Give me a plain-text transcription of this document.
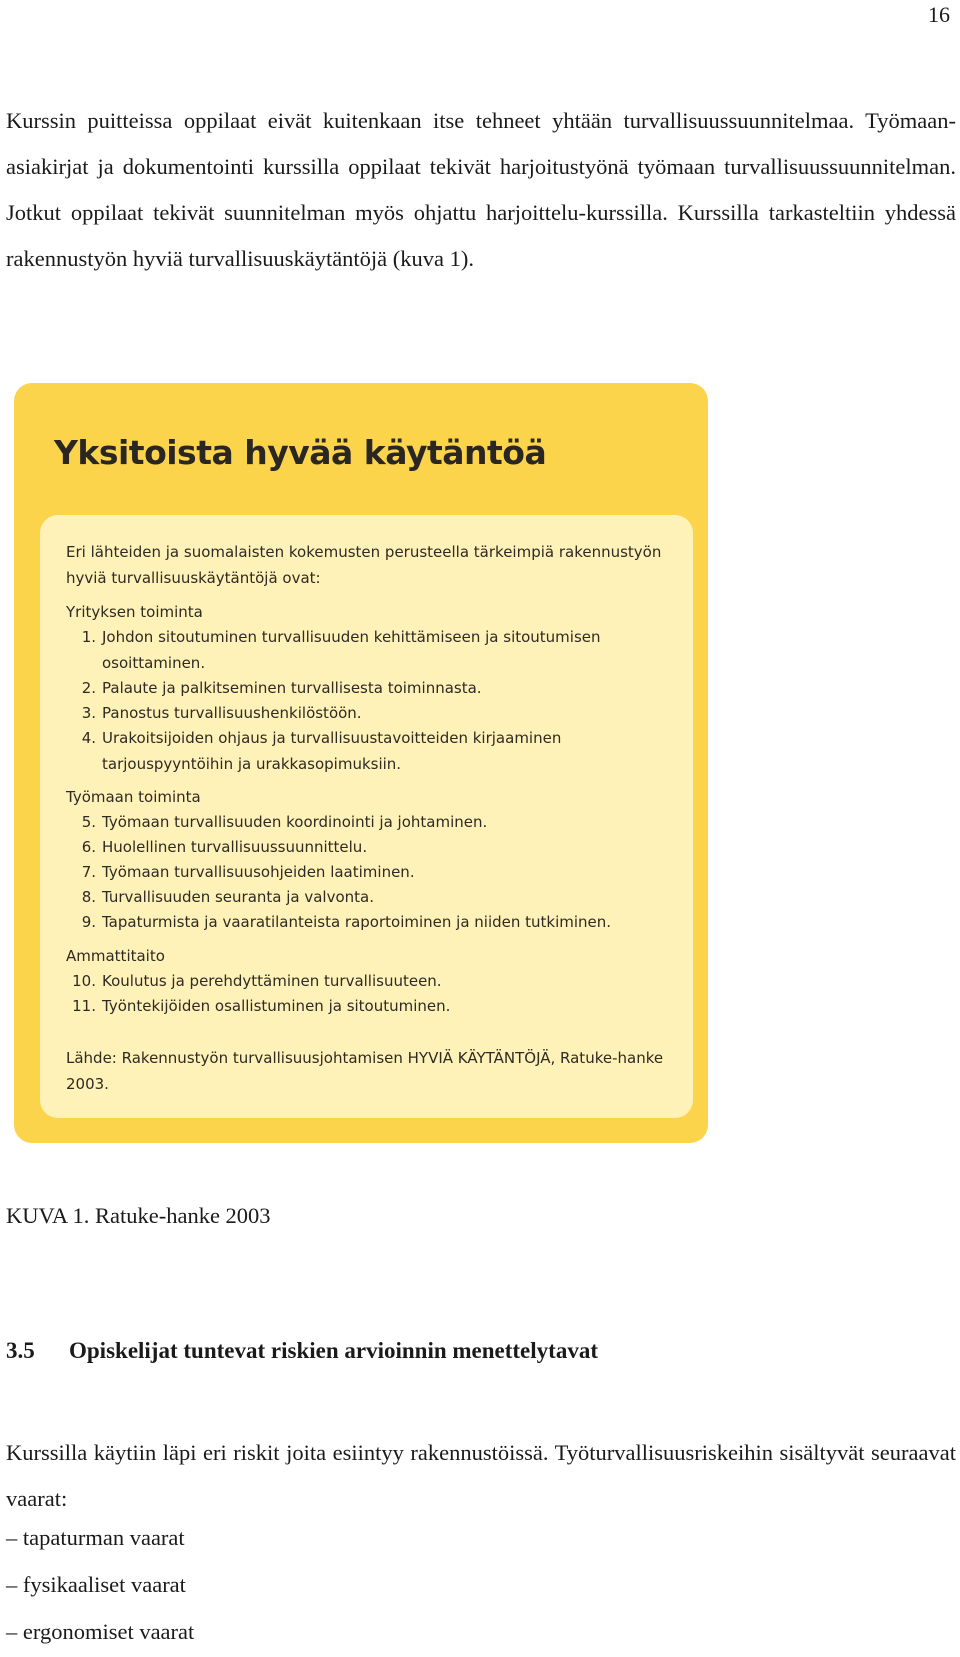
16

Kurssin puitteissa oppilaat eivät kuitenkaan itse tehneet yhtään turvallisuussuunnitelmaa. Työmaan-asiakirjat ja dokumentointi kurssilla oppilaat tekivät harjoitustyönä työmaan turvallisuussuunnitelman. Jotkut oppilaat tekivät suunnitelman myös ohjattu harjoittelu-kurssilla. Kurssilla tarkasteltiin yhdessä rakennustyön hyviä turvallisuuskäytäntöjä (kuva 1).

Yksitoista hyvää käytäntöä

Eri lähteiden ja suomalaisten kokemusten perusteella tärkeimpiä rakennustyön hyviä turvallisuuskäytäntöjä ovat:

Yrityksen toiminta

1. Johdon sitoutuminen turvallisuuden kehittämiseen ja sitoutumisen osoittaminen.

2. Palaute ja palkitseminen turvallisesta toiminnasta.

3. Panostus turvallisuushenkilöstöön.

4. Urakoitsijoiden ohjaus ja turvallisuustavoitteiden kirjaaminen tarjouspyyntöihin ja urakkasopimuksiin.

Työmaan toiminta

5. Työmaan turvallisuuden koordinointi ja johtaminen.

6. Huolellinen turvallisuussuunnittelu.

7. Työmaan turvallisuusohjeiden laatiminen.

8. Turvallisuuden seuranta ja valvonta.

9. Tapaturmista ja vaaratilanteista raportoiminen ja niiden tutkiminen.

Ammattitaito

10. Koulutus ja perehdyttäminen turvallisuuteen.

11. Työntekijöiden osallistuminen ja sitoutuminen.

Lähde: Rakennustyön turvallisuusjohtamisen HYVIÄ KÄYTÄNTÖJÄ, Ratuke-hanke 2003.

KUVA 1. Ratuke-hanke 2003

3.5 Opiskelijat tuntevat riskien arvioinnin menettelytavat

Kurssilla käytiin läpi eri riskit joita esiintyy rakennustöissä. Työturvallisuusriskeihin sisältyvät seuraavat vaarat:

– tapaturman vaarat

– fysikaaliset vaarat

– ergonomiset vaarat
